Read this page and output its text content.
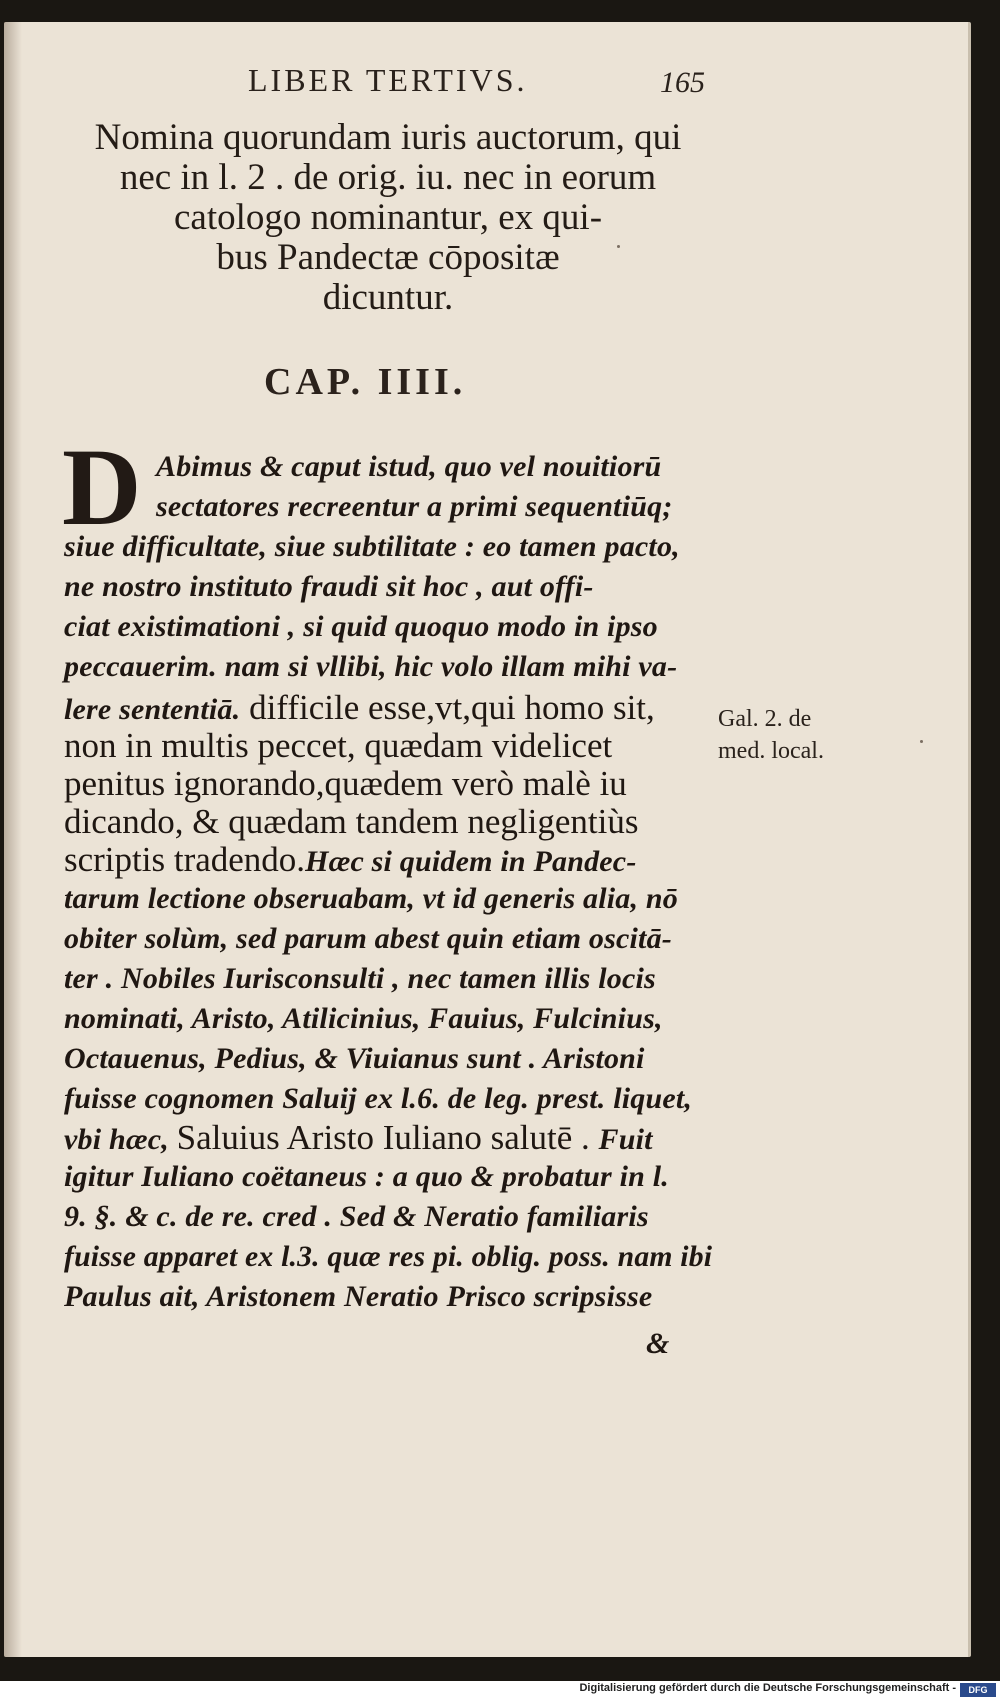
LIBER TERTIVS.	165
Nomina quorundam iuris auctorum, qui
nec in l. 2 . de orig. iu. nec in eorum
catologo nominantur, ex qui-
bus Pandectæ cōpositæ
dicuntur.
CAP. IIII.
D Abimus & caput istud, quo vel nouitiorū
sectatores recreentur a primi sequentiūq;
siue difficultate, siue subtilitate : eo tamen pacto,
ne nostro instituto fraudi sit hoc , aut offi-
ciat existimationi , si quid quoquo modo in ipso
peccauerim. nam si vllibi, hic volo illam mihi va-
lere sententiā. difficile esse,vt,qui homo sit,
non in multis peccet, quædam videlicet
penitus ignorando,quædem verò malè iu
dicando, & quædam tandem negligentiùs
scriptis tradendo.Hæc si quidem in Pandec-
tarum lectione obseruabam, vt id generis alia, nō
obiter solùm, sed parum abest quin etiam oscitā-
ter . Nobiles Iurisconsulti , nec tamen illis locis
nominati, Aristo, Atilicinius, Fauius, Fulcinius,
Octauenus, Pedius, & Viuianus sunt . Aristoni
fuisse cognomen Saluij ex l.6. de leg. prest. liquet,
vbi hæc, Saluius Aristo Iuliano salutē . Fuit
igitur Iuliano coëtaneus : a quo & probatur in l.
9. §. & c. de re. cred . Sed & Neratio familiaris
fuisse apparet ex l.3. quæ res pi. oblig. poss. nam ibi
Paulus ait, Aristonem Neratio Prisco scripsisse
&
Gal. 2. de
med. local.
Digitalisierung gefördert durch die Deutsche Forschungsgemeinschaft -	DFG
